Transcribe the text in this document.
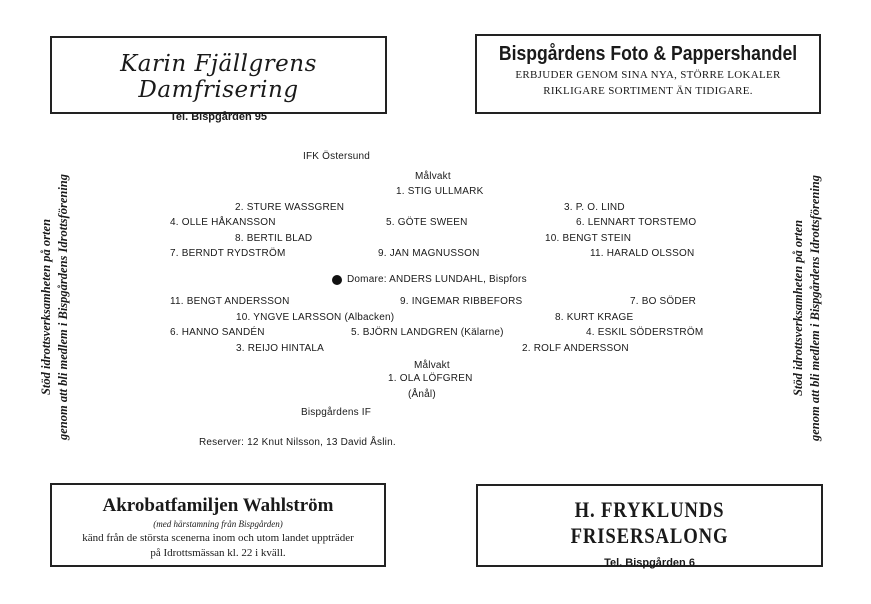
Karin Fjällgrens Damfrisering
Tel. Bispgården 95
Bispgårdens Foto & Pappershandel
ERBJUDER GENOM SINA NYA, STÖRRE LOKALER
RIKLIGARE SORTIMENT ÄN TIDIGARE.
Akrobatfamiljen Wahlström
(med härstamning från Bispgården)
känd från de största scenerna inom och utom landet uppträder
på Idrottsmässan kl. 22 i kväll.
H. FRYKLUNDS FRISERSALONG
Tel. Bispgården 6
Stöd idrottsverksamheten på orten genom att bli medlem i Bispgårdens Idrottsförening	Stöd idrottsverksamheten på orten genom att bli medlem i Bispgårdens Idrottsförening
IFK Östersund
Målvakt
1. STIG ULLMARK
2. STURE WASSGREN	3. P. O. LIND
4. OLLE HÅKANSSON	5. GÖTE SWEEN	6. LENNART TORSTEMO
8. BERTIL BLAD	10. BENGT STEIN
7. BERNDT RYDSTRÖM	9. JAN MAGNUSSON	11. HARALD OLSSON
Domare: ANDERS LUNDAHL, Bispfors
11. BENGT ANDERSSON	9. INGEMAR RIBBEFORS	7. BO SÖDER
10. YNGVE LARSSON (Albacken)	8. KURT KRAGE
6. HANNO SANDÉN	5. BJÖRN LANDGREN (Kälarne)	4. ESKIL SÖDERSTRÖM
3. REIJO HINTALA	2. ROLF ANDERSSON
Målvakt
1. OLA LÖFGREN
(Ånål)
Bispgårdens IF
Reserver: 12 Knut Nilsson, 13 David Åslin.
